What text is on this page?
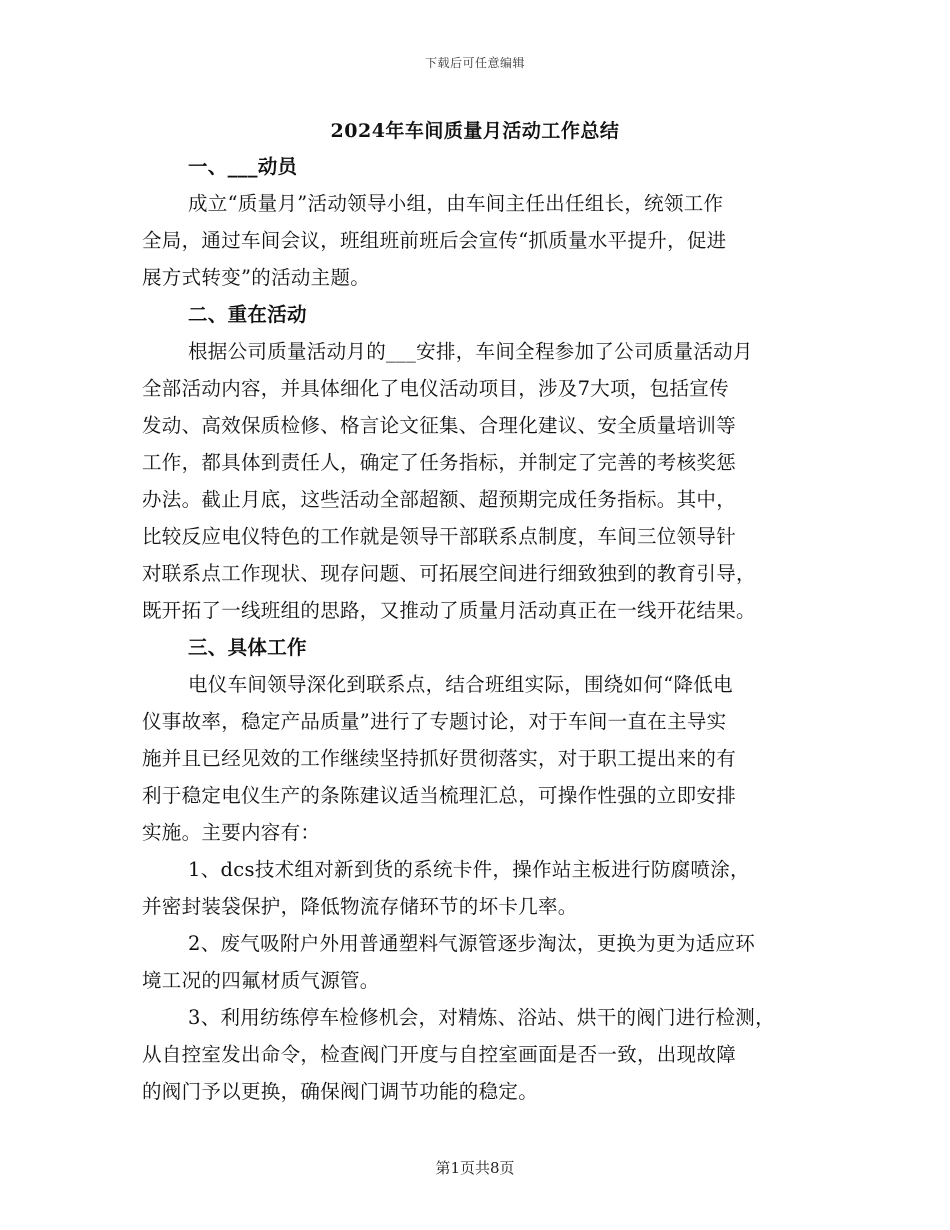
下载后可任意编辑
2024年车间质量月活动工作总结
一、___动员
成立“质量月”活动领导小组，由车间主任出任组长，统领工作
全局，通过车间会议，班组班前班后会宣传“抓质量水平提升，促进
展方式转变”的活动主题。
二、重在活动
根据公司质量活动月的___安排，车间全程参加了公司质量活动月
全部活动内容，并具体细化了电仪活动项目，涉及7大项，包括宣传
发动、高效保质检修、格言论文征集、合理化建议、安全质量培训等
工作，都具体到责任人，确定了任务指标，并制定了完善的考核奖惩
办法。截止月底，这些活动全部超额、超预期完成任务指标。其中，
比较反应电仪特色的工作就是领导干部联系点制度，车间三位领导针
对联系点工作现状、现存问题、可拓展空间进行细致独到的教育引导，
既开拓了一线班组的思路，又推动了质量月活动真正在一线开花结果。
三、具体工作
电仪车间领导深化到联系点，结合班组实际，围绕如何“降低电
仪事故率，稳定产品质量”进行了专题讨论，对于车间一直在主导实
施并且已经见效的工作继续坚持抓好贯彻落实，对于职工提出来的有
利于稳定电仪生产的条陈建议适当梳理汇总，可操作性强的立即安排
实施。主要内容有：
1、dcs技术组对新到货的系统卡件，操作站主板进行防腐喷涂，
并密封装袋保护，降低物流存储环节的坏卡几率。
2、废气吸附户外用普通塑料气源管逐步淘汰，更换为更为适应环
境工况的四氟材质气源管。
3、利用纺练停车检修机会，对精炼、浴站、烘干的阀门进行检测，
从自控室发出命令，检查阀门开度与自控室画面是否一致，出现故障
的阀门予以更换，确保阀门调节功能的稳定。
第1页共8页
